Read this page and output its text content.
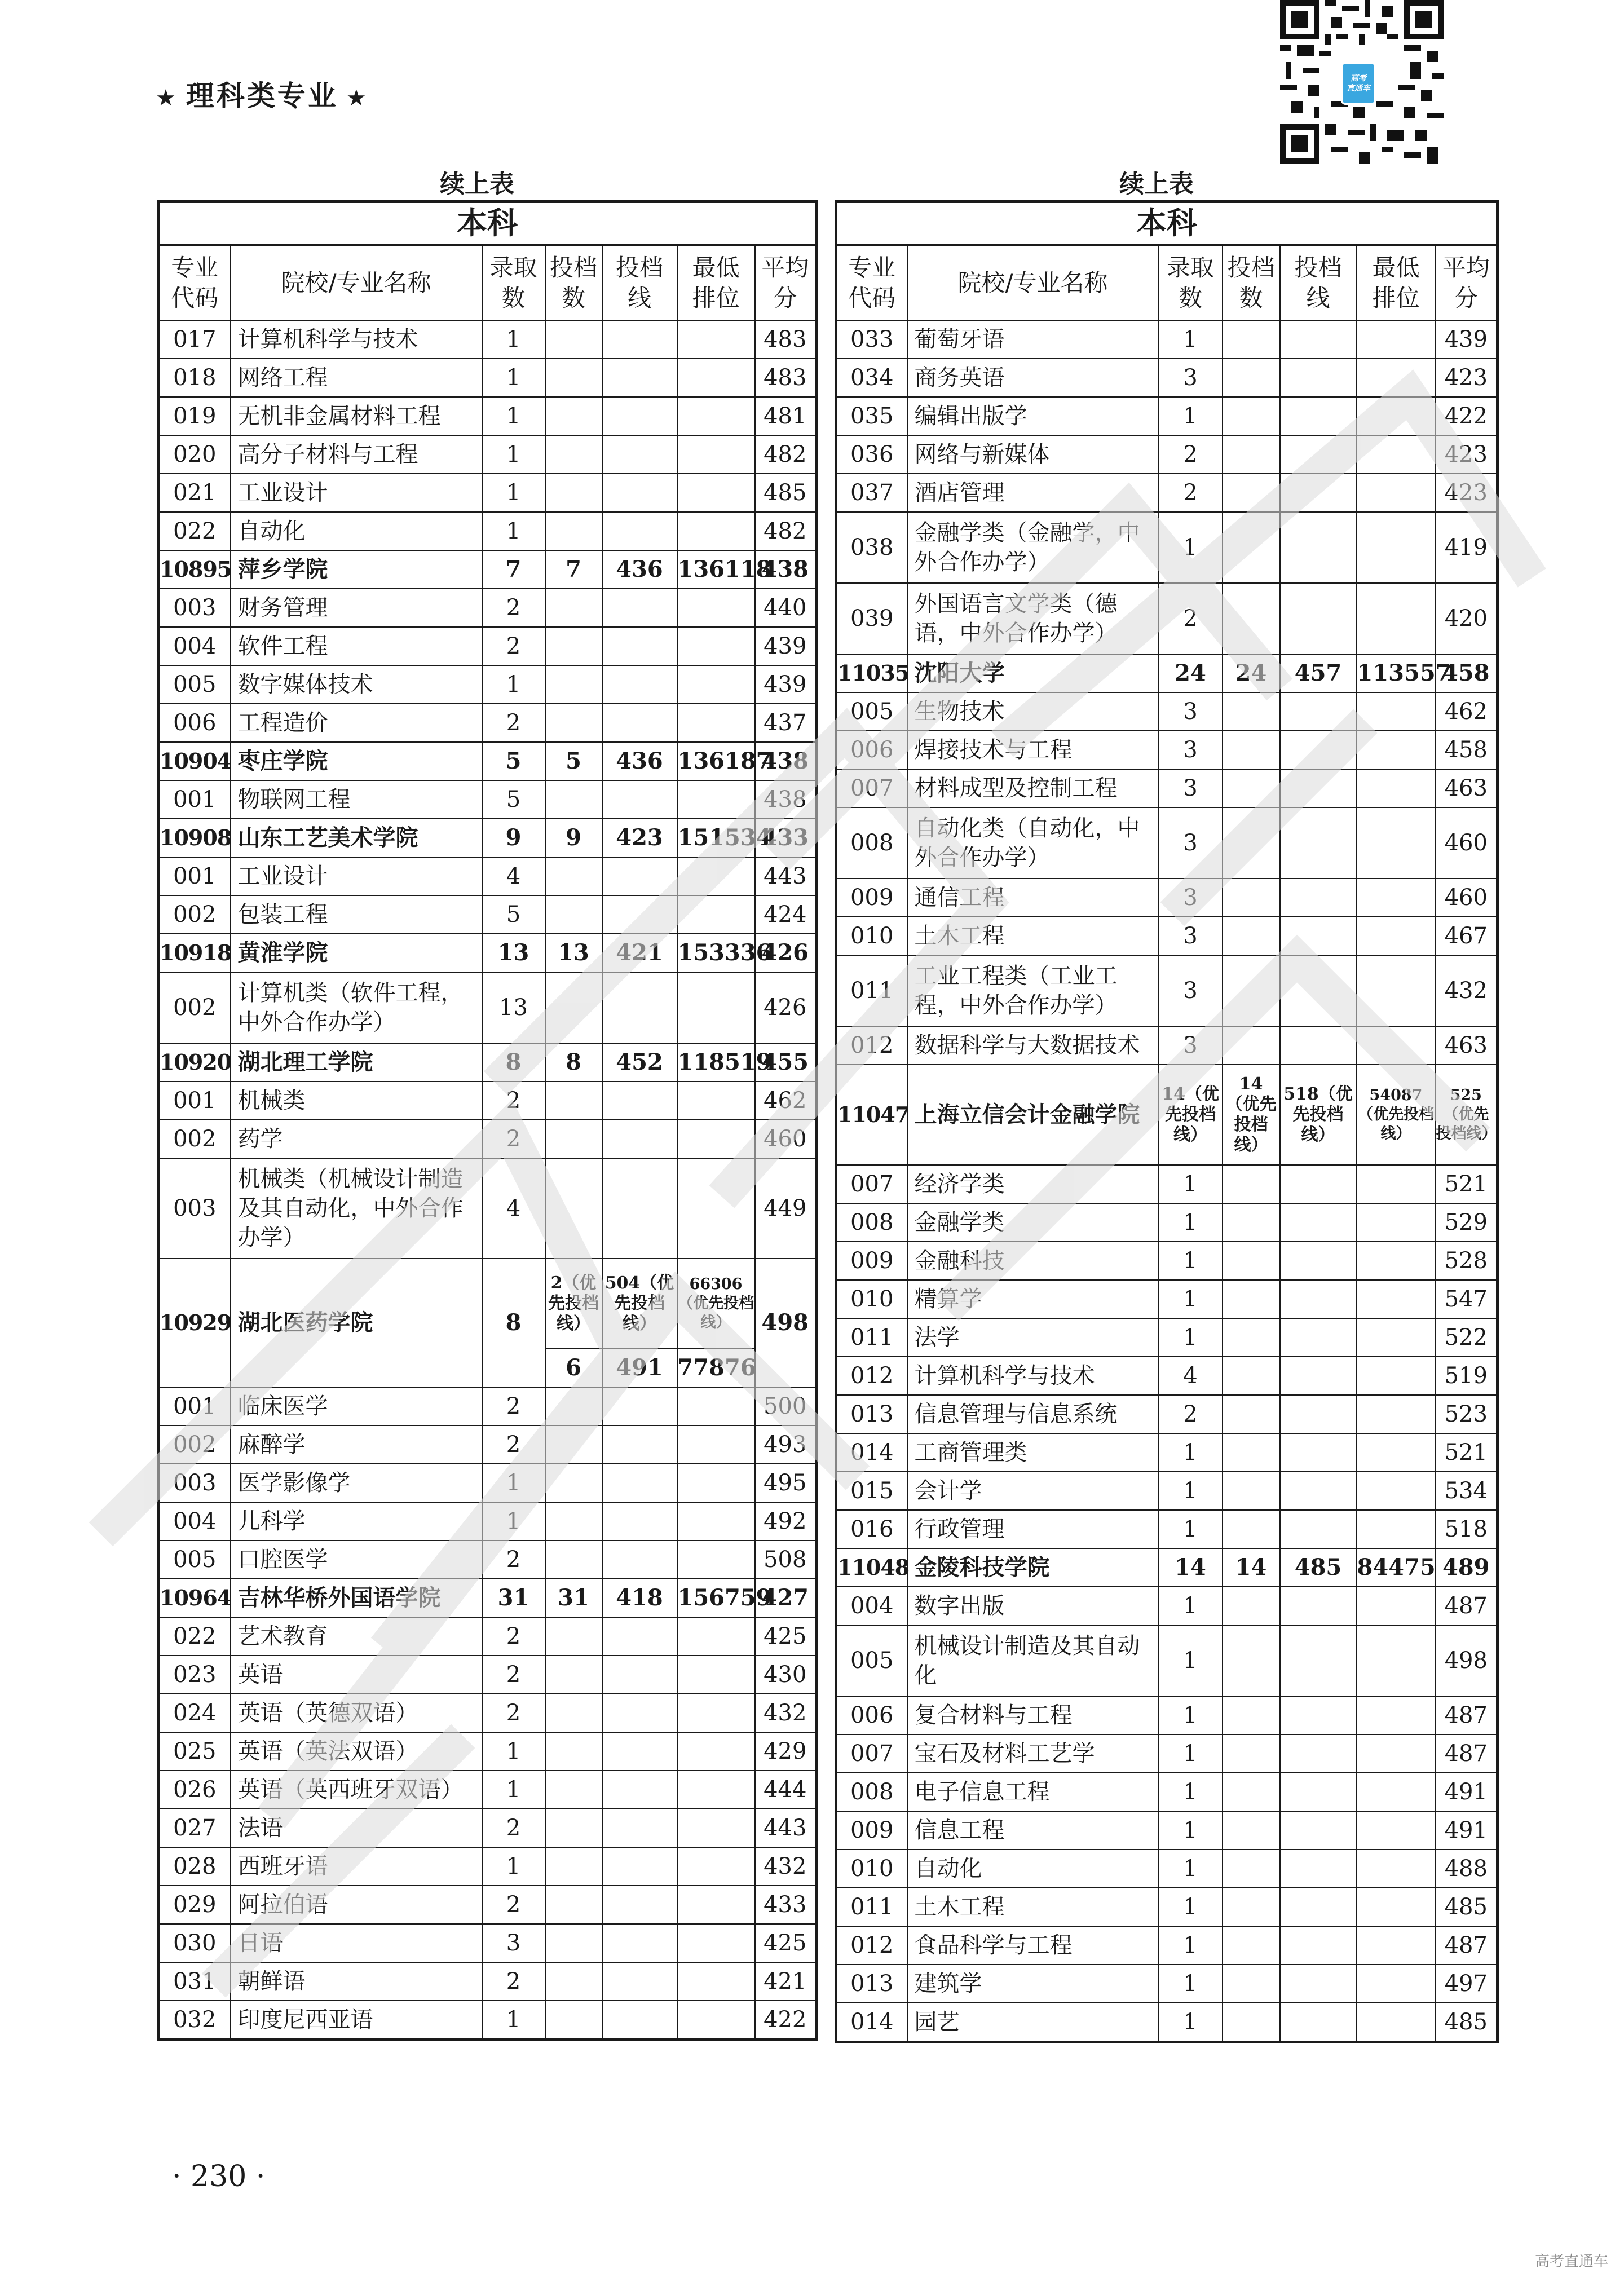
★ 理科类专业 ★
高考
直通车
续上表
本科						

专业
代码

院校/专业名称

录取
数

投档
数

投档
线

最低
排位

平均
分

017	计算机科学与技术	1				483
018	网络工程	1				483
019	无机非金属材料工程	1				481
020	高分子材料与工程	1				482
021	工业设计	1				485
022	自动化	1				482
10895	萍乡学院	7	7	436	136118	438
003	财务管理	2				440
004	软件工程	2				439
005	数字媒体技术	1				439
006	工程造价	2				437
10904	枣庄学院	5	5	436	136187	438
001	物联网工程	5				438
10908	山东工艺美术学院	9	9	423	151534	433
001	工业设计	4				443
002	包装工程	5				424
10918	黄淮学院	13	13	421	153336	426
002	计算机类（软件工程，中外合作办学）	13				426
10920	湖北理工学院	8	8	452	118519	455
001	机械类	2				462
002	药学	2				460
003	机械类（机械设计制造及其自动化，中外合作办学）	4				449
10929	湖北医药学院	8	2（优先投档线）	504（优先投档线）	66306（优先投档线）	498
			6	491	77876	
001	临床医学	2				500
002	麻醉学	2				493
003	医学影像学	1				495
004	儿科学	1				492
005	口腔医学	2				508
10964	吉林华桥外国语学院	31	31	418	156759	427
022	艺术教育	2				425
023	英语	2				430
024	英语（英德双语）	2				432
025	英语（英法双语）	1				429
026	英语（英西班牙双语）	1				444
027	法语	2				443
028	西班牙语	1				432
029	阿拉伯语	2				433
030	日语	3				425
031	朝鲜语	2				421
032	印度尼西亚语	1				422
续上表
本科						

专业
代码

院校/专业名称

录取
数

投档
数

投档
线

最低
排位

平均
分

033	葡萄牙语	1				439
034	商务英语	3				423
035	编辑出版学	1				422
036	网络与新媒体	2				423
037	酒店管理	2				423
038	金融学类（金融学，中外合作办学）	1				419
039	外国语言文学类（德语，中外合作办学）	2				420
11035	沈阳大学	24	24	457	113557	458
005	生物技术	3				462
006	焊接技术与工程	3				458
007	材料成型及控制工程	3				463
008	自动化类（自动化，中外合作办学）	3				460
009	通信工程	3				460
010	土木工程	3				467
011	工业工程类（工业工程，中外合作办学）	3				432
012	数据科学与大数据技术	3				463
11047	上海立信会计金融学院	14（优先投档线）	14（优先投档线）	518（优先投档线）	54087（优先投档线）	525（优先投档线）
007	经济学类	1				521
008	金融学类	1				529
009	金融科技	1				528
010	精算学	1				547
011	法学	1				522
012	计算机科学与技术	4				519
013	信息管理与信息系统	2				523
014	工商管理类	1				521
015	会计学	1				534
016	行政管理	1				518
11048	金陵科技学院	14	14	485	84475	489
004	数字出版	1				487
005	机械设计制造及其自动化	1				498
006	复合材料与工程	1				487
007	宝石及材料工艺学	1				487
008	电子信息工程	1				491
009	信息工程	1				491
010	自动化	1				488
011	土木工程	1				485
012	食品科学与工程	1				487
013	建筑学	1				497
014	园艺	1				485
· 230 ·
高考直通车
